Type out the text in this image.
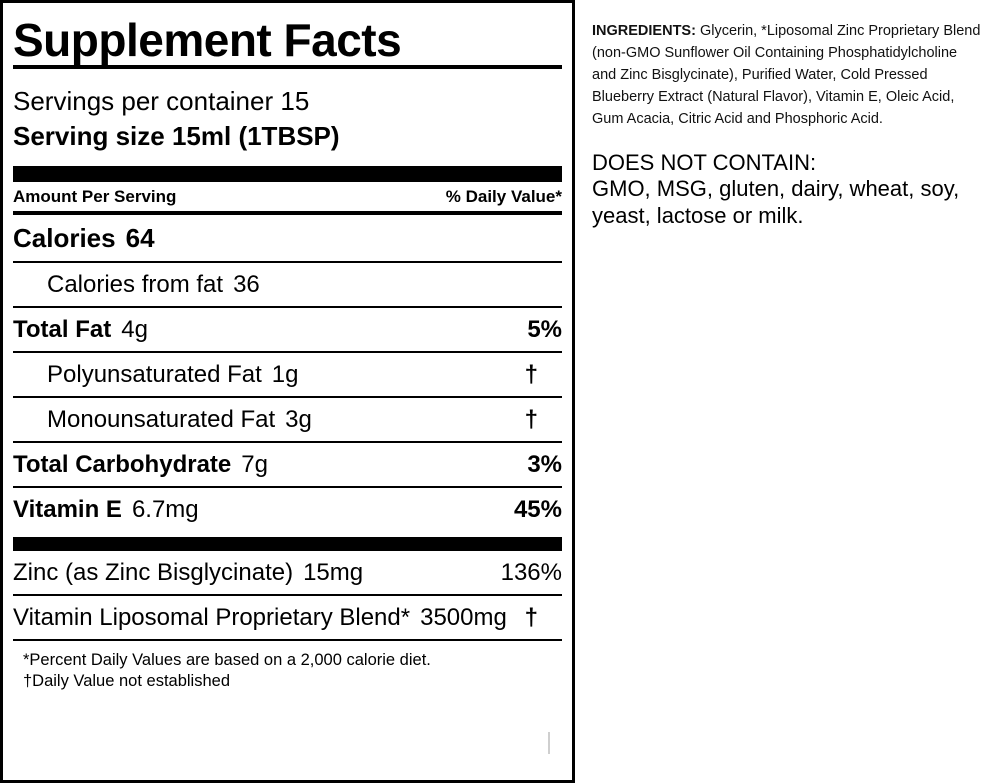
Supplement Facts
Servings per container 15
Serving size 15ml (1TBSP)
Amount Per Serving	% Daily Value*
Calories 64
Calories from fat 36
Total Fat 4g	5%
Polyunsaturated Fat 1g	†
Monounsaturated Fat 3g	†
Total Carbohydrate 7g	3%
Vitamin E 6.7mg	45%
Zinc (as Zinc Bisglycinate) 15mg	136%
Vitamin Liposomal Proprietary Blend* 3500mg †
*Percent Daily Values are based on a 2,000 calorie diet.
†Daily Value not established
INGREDIENTS: Glycerin, *Liposomal Zinc Proprietary Blend (non-GMO Sunflower Oil Containing Phosphatidylcholine and Zinc Bisglycinate), Purified Water, Cold Pressed Blueberry Extract (Natural Flavor), Vitamin E, Oleic Acid, Gum Acacia, Citric Acid and Phosphoric Acid.
DOES NOT CONTAIN:
GMO, MSG, gluten, dairy, wheat, soy, yeast, lactose or milk.
